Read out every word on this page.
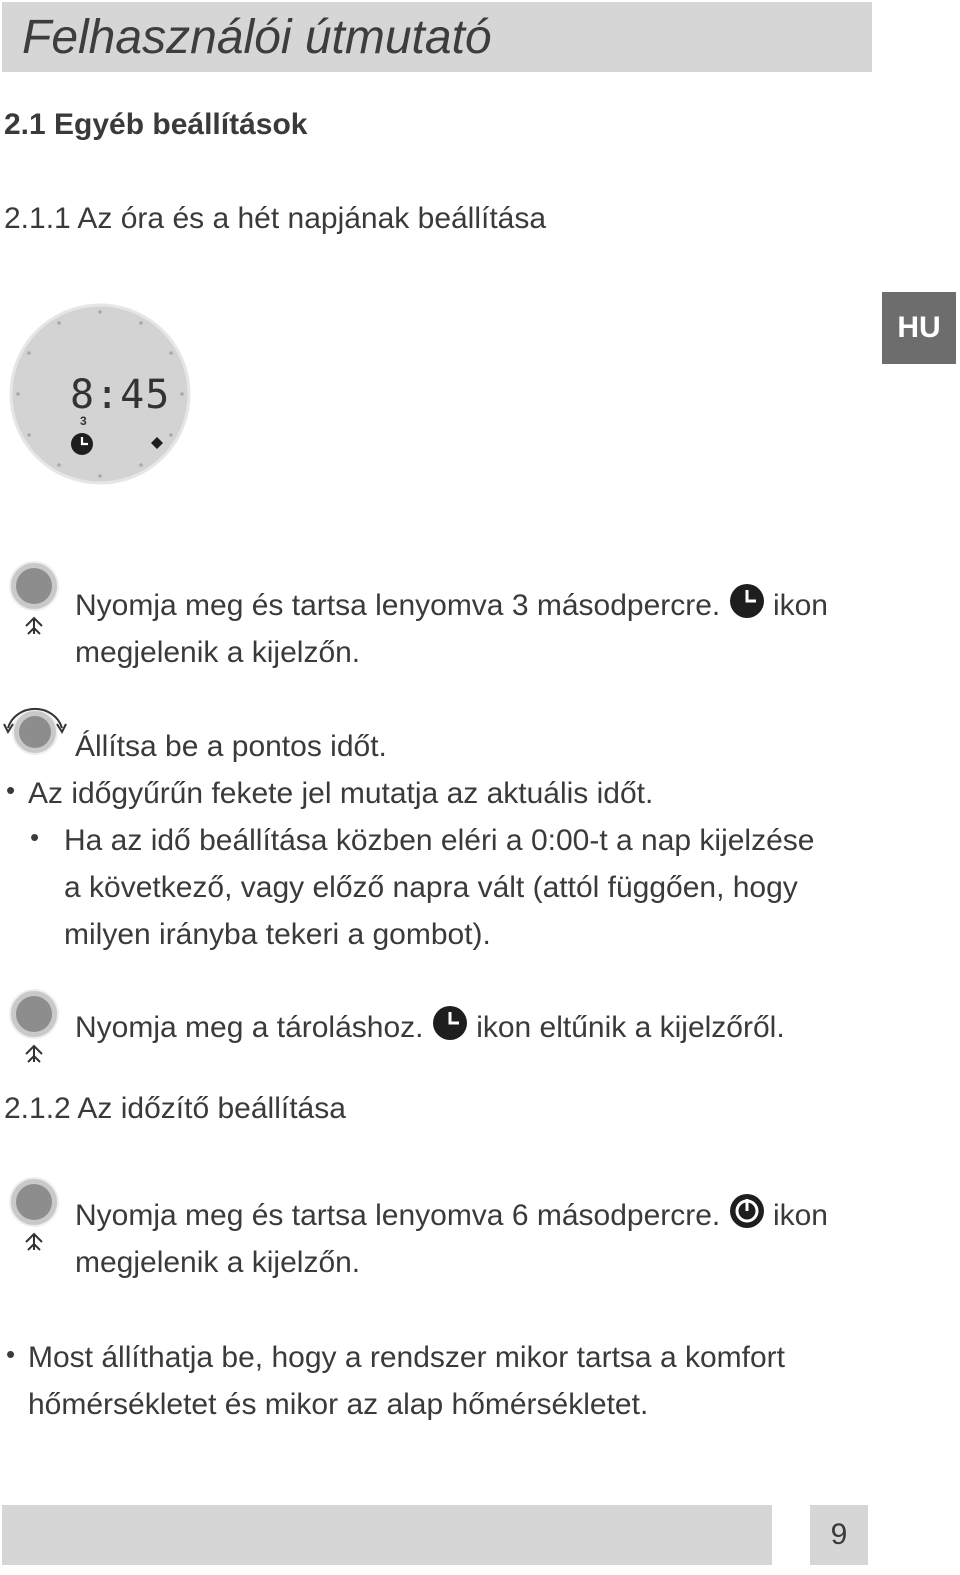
Felhasználói útmutató
2.1 Egyéb beállítások
2.1.1 Az óra és a hét napjának beállítása
HU
8:45
3
Nyomja meg és tartsa lenyomva 3 másodpercre. ikon
megjelenik a kijelzőn.
Állítsa be a pontos időt.
• Az időgyűrűn fekete jel mutatja az aktuális időt.
• Ha az idő beállítása közben eléri a 0:00-t a nap kijelzése
a következő, vagy előző napra vált (attól függően, hogy
milyen irányba tekeri a gombot).
Nyomja meg a tároláshoz. ikon eltűnik a kijelzőről.
2.1.2 Az időzítő beállítása
Nyomja meg és tartsa lenyomva 6 másodpercre. ikon
megjelenik a kijelzőn.
• Most állíthatja be, hogy a rendszer mikor tartsa a komfort
hőmérsékletet és mikor az alap hőmérsékletet.
9
